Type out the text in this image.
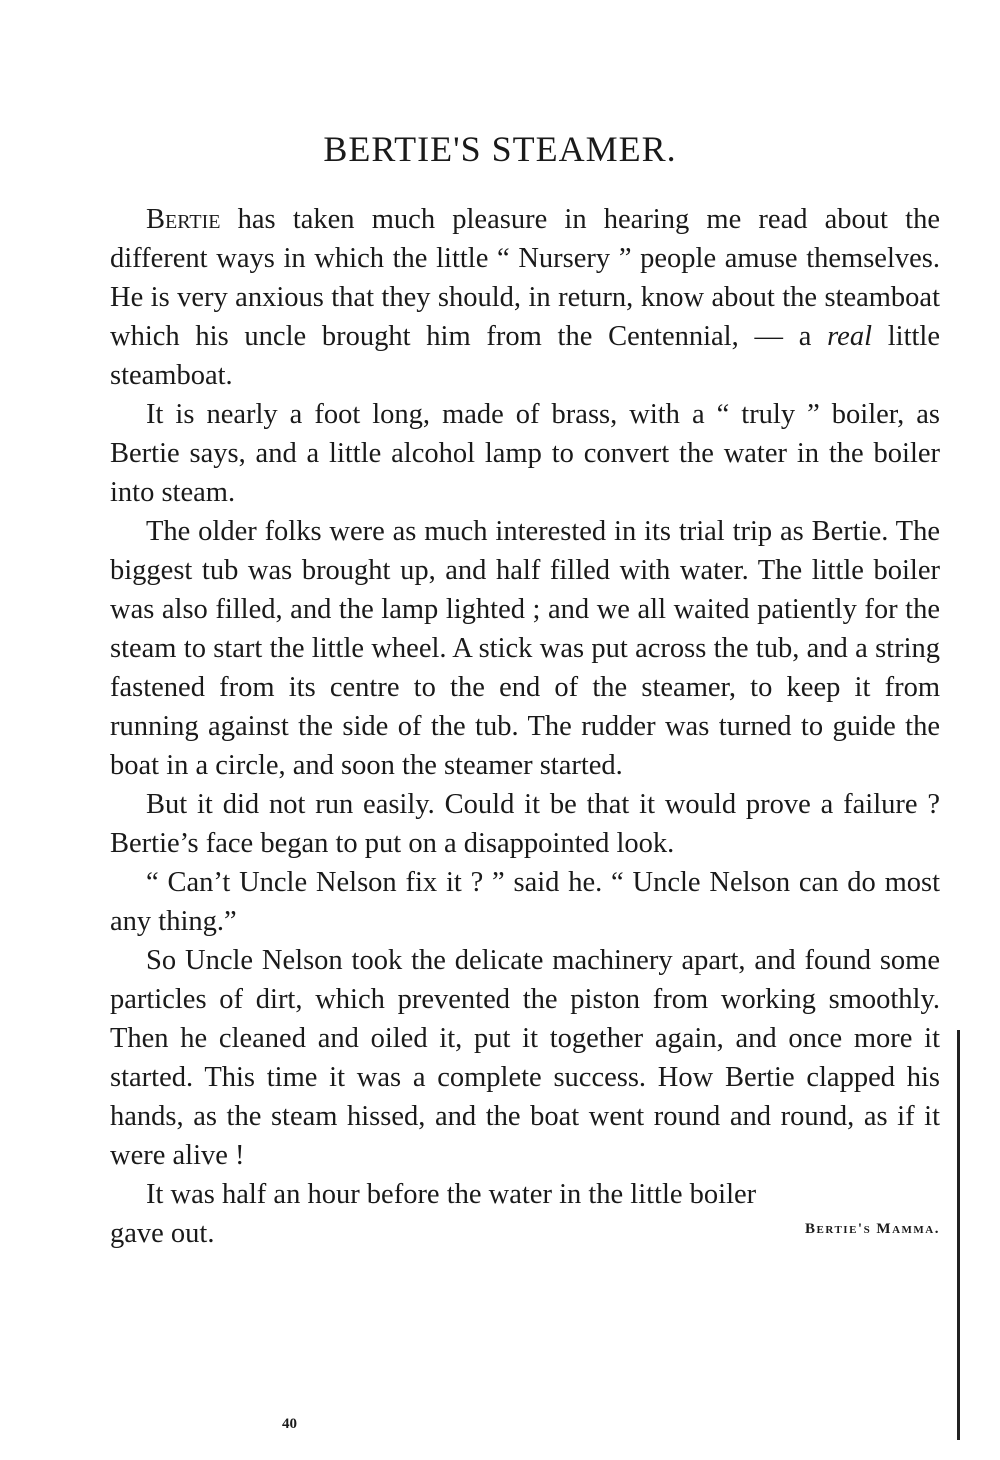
BERTIE'S STEAMER.

Bertie has taken much pleasure in hearing me read about the different ways in which the little “ Nursery ” people amuse themselves. He is very anxious that they should, in return, know about the steamboat which his uncle brought him from the Centennial, — a real little steamboat.

It is nearly a foot long, made of brass, with a “ truly ” boiler, as Bertie says, and a little alcohol lamp to convert the water in the boiler into steam.

The older folks were as much interested in its trial trip as Bertie. The biggest tub was brought up, and half filled with water. The little boiler was also filled, and the lamp lighted ; and we all waited patiently for the steam to start the little wheel. A stick was put across the tub, and a string fastened from its centre to the end of the steamer, to keep it from running against the side of the tub. The rudder was turned to guide the boat in a circle, and soon the steamer started.

But it did not run easily. Could it be that it would prove a failure ? Bertie’s face began to put on a disappointed look.

“ Can’t Uncle Nelson fix it ? ” said he. “ Uncle Nelson can do most any thing.”

So Uncle Nelson took the delicate machinery apart, and found some particles of dirt, which prevented the piston from working smoothly. Then he cleaned and oiled it, put it together again, and once more it started. This time it was a complete success. How Bertie clapped his hands, as the steam hissed, and the boat went round and round, as if it were alive !

It was half an hour before the water in the little boiler

gave out.	Bertie's Mamma.
40
